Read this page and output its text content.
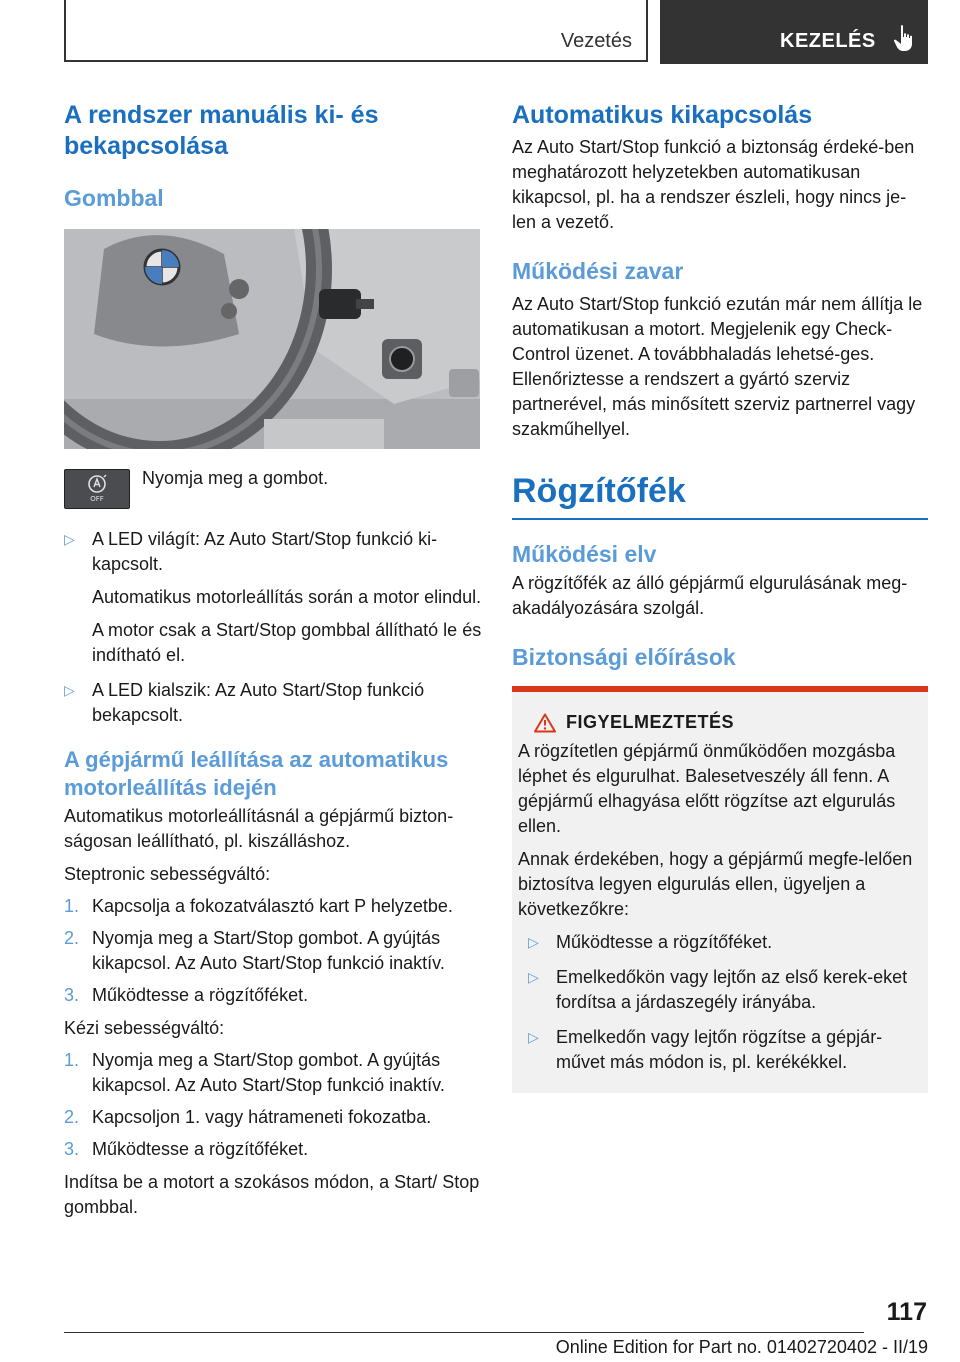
Vezetés	KEZELÉS
A rendszer manuális ki- és bekapcsolása
Gombbal
OFF

Nyomja meg a gombot.

▷ A LED világít: Az Auto Start/Stop funkció ki-kapcsolt.

Automatikus motorleállítás során a motor elindul.

A motor csak a Start/Stop gombbal állítható le és indítható el.

▷ A LED kialszik: Az Auto Start/Stop funkció bekapcsolt.

A gépjármű leállítása az automatikus motorleállítás idején

Automatikus motorleállításnál a gépjármű bizton-ságosan leállítható, pl. kiszálláshoz.

Steptronic sebességváltó:

1. Kapcsolja a fokozatválasztó kart P helyzetbe.

2. Nyomja meg a Start/Stop gombot. A gyújtás kikapcsol. Az Auto Start/Stop funkció inaktív.

3. Működtesse a rögzítőféket.

Kézi sebességváltó:

1. Nyomja meg a Start/Stop gombot. A gyújtás kikapcsol. Az Auto Start/Stop funkció inaktív.

2. Kapcsoljon 1. vagy hátrameneti fokozatba.

3. Működtesse a rögzítőféket.

Indítsa be a motort a szokásos módon, a Start/ Stop gombbal.

Automatikus kikapcsolás

Az Auto Start/Stop funkció a biztonság érdeké-ben meghatározott helyzetekben automatikusan kikapcsol, pl. ha a rendszer észleli, hogy nincs je-len a vezető.

Működési zavar

Az Auto Start/Stop funkció ezután már nem állítja le automatikusan a motort. Megjelenik egy Check-Control üzenet. A továbbhaladás lehetsé-ges. Ellenőriztesse a rendszert a gyártó szerviz partnerével, más minősített szerviz partnerrel vagy szakműhellyel.

Rögzítőfék
Működési elv

A rögzítőfék az álló gépjármű elgurulásának meg-akadályozására szolgál.

Biztonsági előírások
FIGYELMEZTETÉS

A rögzítetlen gépjármű önműködően mozgásba léphet és elgurulhat. Balesetveszély áll fenn. A gépjármű elhagyása előtt rögzítse azt elgurulás ellen.

Annak érdekében, hogy a gépjármű megfe-lelően biztosítva legyen elgurulás ellen, ügyeljen a következőkre:

▷ Működtesse a rögzítőféket.

▷ Emelkedőkön vagy lejtőn az első kerek-eket fordítsa a járdaszegély irányába.

▷ Emelkedőn vagy lejtőn rögzítse a gépjár-művet más módon is, pl. kerékékkel.

117
Online Edition for Part no. 01402720402 - II/19
